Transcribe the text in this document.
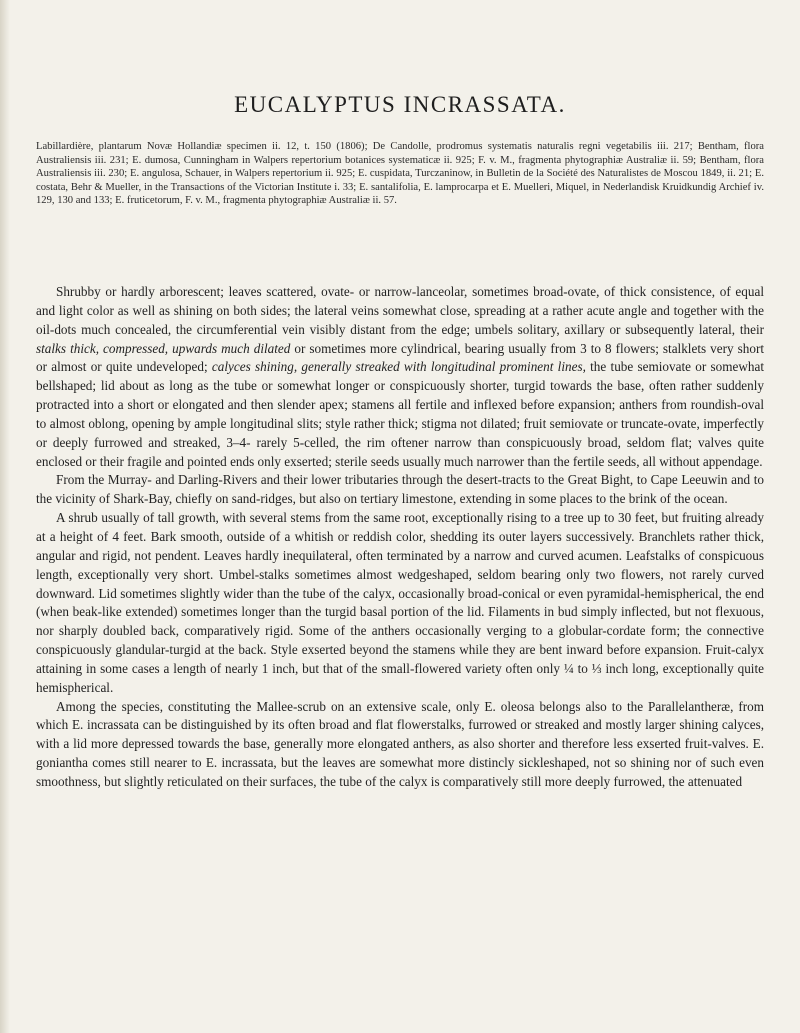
EUCALYPTUS INCRASSATA.
Labillardière, plantarum Novæ Hollandiæ specimen ii. 12, t. 150 (1806); De Candolle, prodromus systematis naturalis regni vegetabilis iii. 217; Bentham, flora Australiensis iii. 231; E. dumosa, Cunningham in Walpers repertorium botanices systematicæ ii. 925; F. v. M., fragmenta phytographiæ Australiæ ii. 59; Bentham, flora Australiensis iii. 230; E. angulosa, Schauer, in Walpers repertorium ii. 925; E. cuspidata, Turczaninow, in Bulletin de la Société des Naturalistes de Moscou 1849, ii. 21; E. costata, Behr & Mueller, in the Transactions of the Victorian Institute i. 33; E. santalifolia, E. lamprocarpa et E. Muelleri, Miquel, in Nederlandisk Kruidkundig Archief iv. 129, 130 and 133; E. fruticetorum, F. v. M., fragmenta phytographiæ Australiæ ii. 57.

Shrubby or hardly arborescent; leaves scattered, ovate- or narrow-lanceolar, sometimes broad-ovate, of thick consistence, of equal and light color as well as shining on both sides; the lateral veins somewhat close, spreading at a rather acute angle and together with the oil-dots much concealed, the circumferential vein visibly distant from the edge; umbels solitary, axillary or subsequently lateral, their stalks thick, compressed, upwards much dilated or sometimes more cylindrical, bearing usually from 3 to 8 flowers; stalklets very short or almost or quite undeveloped; calyces shining, generally streaked with longitudinal prominent lines, the tube semiovate or somewhat bellshaped; lid about as long as the tube or somewhat longer or conspicuously shorter, turgid towards the base, often rather suddenly protracted into a short or elongated and then slender apex; stamens all fertile and inflexed before expansion; anthers from roundish-oval to almost oblong, opening by ample longitudinal slits; style rather thick; stigma not dilated; fruit semiovate or truncate-ovate, imperfectly or deeply furrowed and streaked, 3–4- rarely 5-celled, the rim oftener narrow than conspicuously broad, seldom flat; valves quite enclosed or their fragile and pointed ends only exserted; sterile seeds usually much narrower than the fertile seeds, all without appendage.

From the Murray- and Darling-Rivers and their lower tributaries through the desert-tracts to the Great Bight, to Cape Leeuwin and to the vicinity of Shark-Bay, chiefly on sand-ridges, but also on tertiary limestone, extending in some places to the brink of the ocean.

A shrub usually of tall growth, with several stems from the same root, exceptionally rising to a tree up to 30 feet, but fruiting already at a height of 4 feet. Bark smooth, outside of a whitish or reddish color, shedding its outer layers successively. Branchlets rather thick, angular and rigid, not pendent. Leaves hardly inequilateral, often terminated by a narrow and curved acumen. Leafstalks of conspicuous length, exceptionally very short. Umbel-stalks sometimes almost wedgeshaped, seldom bearing only two flowers, not rarely curved downward. Lid sometimes slightly wider than the tube of the calyx, occasionally broad-conical or even pyramidal-hemispherical, the end (when beak-like extended) sometimes longer than the turgid basal portion of the lid. Filaments in bud simply inflected, but not flexuous, nor sharply doubled back, comparatively rigid. Some of the anthers occasionally verging to a globular-cordate form; the connective conspicuously glandular-turgid at the back. Style exserted beyond the stamens while they are bent inward before expansion. Fruit-calyx attaining in some cases a length of nearly 1 inch, but that of the small-flowered variety often only ¼ to ⅓ inch long, exceptionally quite hemispherical.

Among the species, constituting the Mallee-scrub on an extensive scale, only E. oleosa belongs also to the Parallelantheræ, from which E. incrassata can be distinguished by its often broad and flat flowerstalks, furrowed or streaked and mostly larger shining calyces, with a lid more depressed towards the base, generally more elongated anthers, as also shorter and therefore less exserted fruit-valves. E. goniantha comes still nearer to E. incrassata, but the leaves are somewhat more distincly sickleshaped, not so shining nor of such even smoothness, but slightly reticulated on their surfaces, the tube of the calyx is comparatively still more deeply furrowed, the attenuated
